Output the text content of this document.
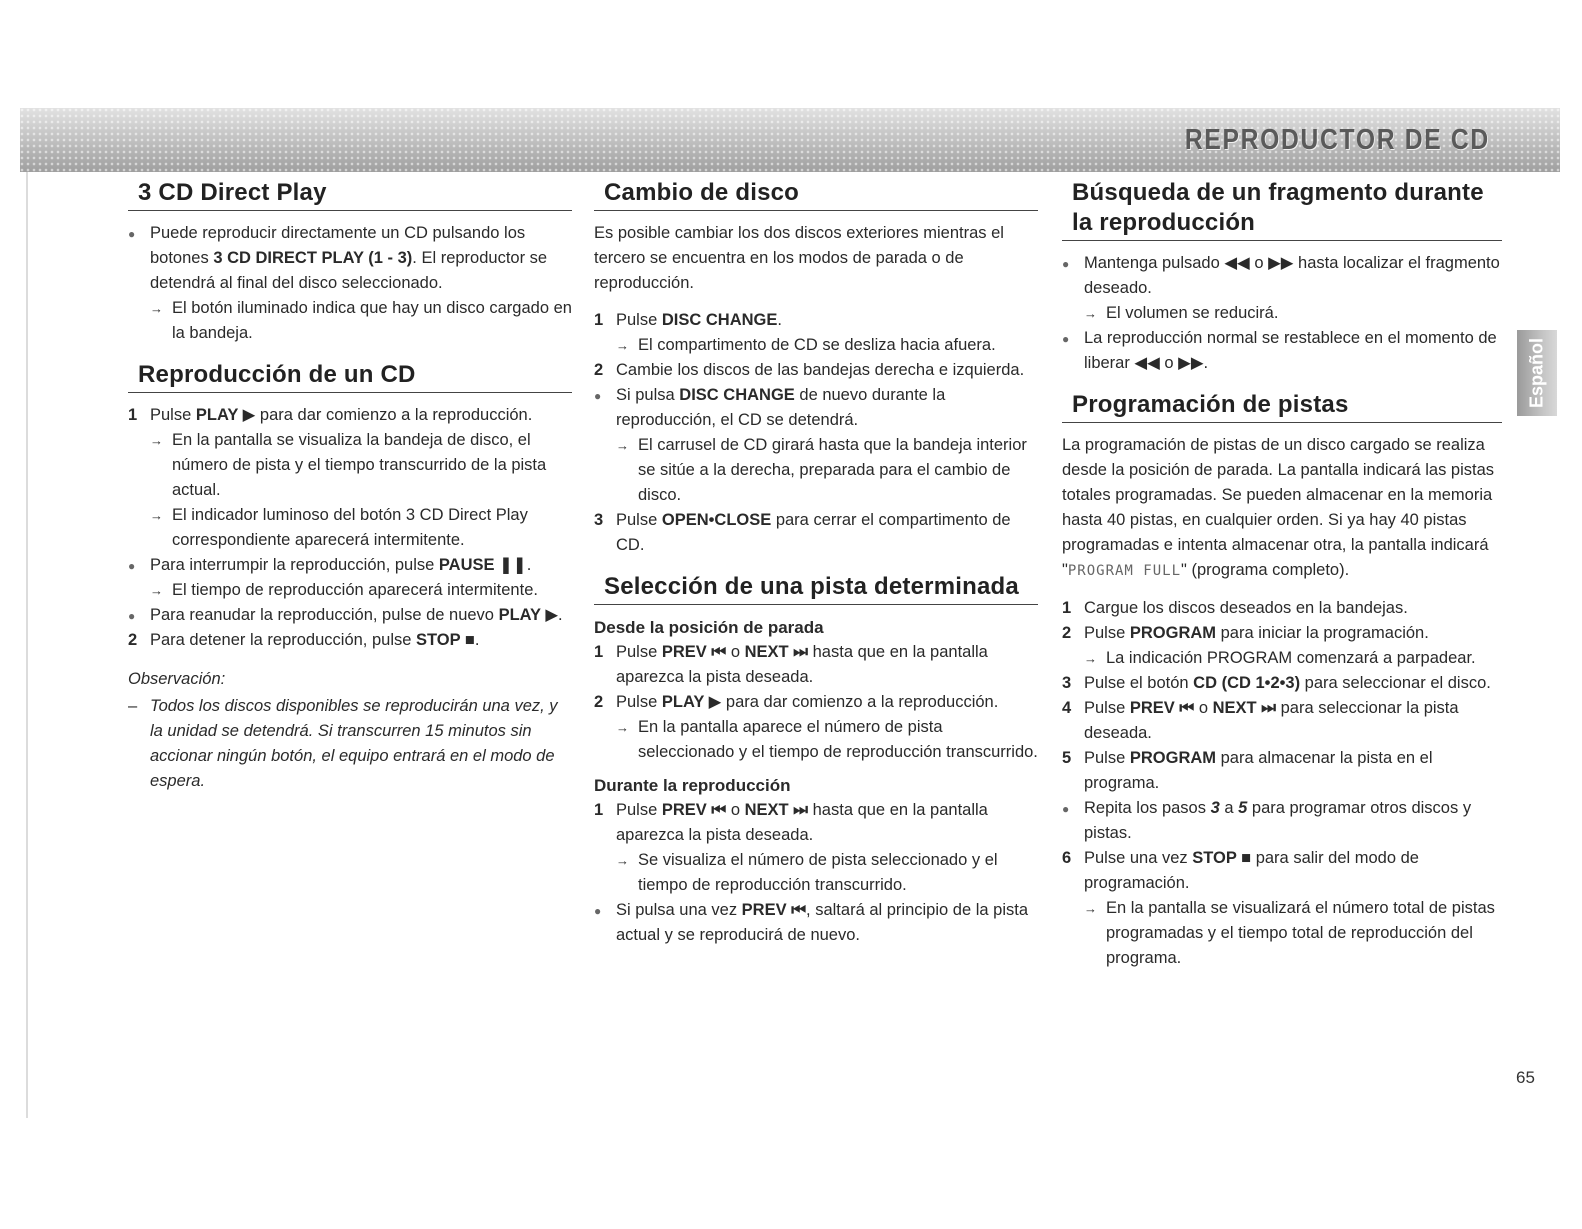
REPRODUCTOR DE CD
3 CD Direct Play
● Puede reproducir directamente un CD pulsando los botones 3 CD DIRECT PLAY (1 - 3). El reproductor se detendrá al final del disco seleccionado.
→ El botón iluminado indica que hay un disco cargado en la bandeja.
Reproducción de un CD
1 Pulse PLAY ▶ para dar comienzo a la reproducción.
→ En la pantalla se visualiza la bandeja de disco, el número de pista y el tiempo transcurrido de la pista actual.
→ El indicador luminoso del botón 3 CD Direct Play correspondiente aparecerá intermitente.
● Para interrumpir la reproducción, pulse PAUSE ❚❚.
→ El tiempo de reproducción aparecerá intermitente.
● Para reanudar la reproducción, pulse de nuevo PLAY ▶.
2 Para detener la reproducción, pulse STOP ■.
Observación:
– Todos los discos disponibles se reproducirán una vez, y la unidad se detendrá. Si transcurren 15 minutos sin accionar ningún botón, el equipo entrará en el modo de espera.
Cambio de disco

Es posible cambiar los dos discos exteriores mientras el tercero se encuentra en los modos de parada o de reproducción.

1 Pulse DISC CHANGE.
→ El compartimento de CD se desliza hacia afuera.
2 Cambie los discos de las bandejas derecha e izquierda.
● Si pulsa DISC CHANGE de nuevo durante la reproducción, el CD se detendrá.
→ El carrusel de CD girará hasta que la bandeja interior se sitúe a la derecha, preparada para el cambio de disco.
3 Pulse OPEN•CLOSE para cerrar el compartimento de CD.
Selección de una pista determinada
Desde la posición de parada
1 Pulse PREV ⏮ o NEXT ⏭ hasta que en la pantalla aparezca la pista deseada.
2 Pulse PLAY ▶ para dar comienzo a la reproducción.
→ En la pantalla aparece el número de pista seleccionado y el tiempo de reproducción transcurrido.
Durante la reproducción
1 Pulse PREV ⏮ o NEXT ⏭ hasta que en la pantalla aparezca la pista deseada.
→ Se visualiza el número de pista seleccionado y el tiempo de reproducción transcurrido.
● Si pulsa una vez PREV ⏮, saltará al principio de la pista actual y se reproducirá de nuevo.
Búsqueda de un fragmento durante la reproducción
● Mantenga pulsado ◀◀ o ▶▶ hasta localizar el fragmento deseado.
→ El volumen se reducirá.
● La reproducción normal se restablece en el momento de liberar ◀◀ o ▶▶.
Programación de pistas

La programación de pistas de un disco cargado se realiza desde la posición de parada. La pantalla indicará las pistas totales programadas. Se pueden almacenar en la memoria hasta 40 pistas, en cualquier orden. Si ya hay 40 pistas programadas e intenta almacenar otra, la pantalla indicará "PROGRAM FULL" (programa completo).

1 Cargue los discos deseados en la bandejas.
2 Pulse PROGRAM para iniciar la programación.
→ La indicación PROGRAM comenzará a parpadear.
3 Pulse el botón CD (CD 1•2•3) para seleccionar el disco.
4 Pulse PREV ⏮ o NEXT ⏭ para seleccionar la pista deseada.
5 Pulse PROGRAM para almacenar la pista en el programa.
● Repita los pasos 3 a 5 para programar otros discos y pistas.
6 Pulse una vez STOP ■ para salir del modo de programación.
→ En la pantalla se visualizará el número total de pistas programadas y el tiempo total de reproducción del programa.
Español
65
